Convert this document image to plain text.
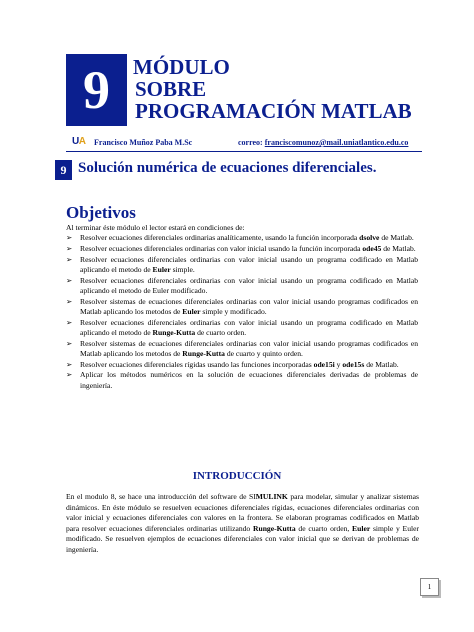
9 MÓDULO
SOBRE
PROGRAMACIÓN MATLAB
UA Francisco Muñoz Paba M.Sc	correo: franciscomunoz@mail.uniatlantico.edu.co
9 Solución numérica de ecuaciones diferenciales.
Objetivos
Al terminar éste módulo el lector estará en condiciones de:
➢ Resolver ecuaciones diferenciales ordinarias analíticamente, usando la función incorporada dsolve de Matlab.
➢ Resolver ecuaciones diferenciales ordinarias con valor inicial usando la función incorporada ode45 de Matlab.
➢ Resolver ecuaciones diferenciales ordinarias con valor inicial usando un programa codificado en Matlab aplicando el metodo de Euler simple.
➢ Resolver ecuaciones diferenciales ordinarias con valor inicial usando un programa codificado en Matlab aplicando el metodo de Euler modificado.
➢ Resolver sistemas de ecuaciones diferenciales ordinarias con valor inicial usando programas codificados en Matlab aplicando los metodos de Euler simple y modificado.
➢ Resolver ecuaciones diferenciales ordinarias con valor inicial usando un programa codificado en Matlab aplicando el metodo de Runge-Kutta de cuarto orden.
➢ Resolver sistemas de ecuaciones diferenciales ordinarias con valor inicial usando programas codificados en Matlab aplicando los metodos de Runge-Kutta de cuarto y quinto orden.
➢ Resolver ecuaciones diferenciales rígidas usando las funciones incorporadas ode15i y ode15s de Matlab.
➢ Aplicar los métodos numéricos en la solución de ecuaciones diferenciales derivadas de problemas de ingeniería.
INTRODUCCIÓN

En el modulo 8, se hace una introducción del software de SIMULINK para modelar, simular y analizar sistemas dinámicos. En éste módulo se resuelven ecuaciones diferenciales rígidas, ecuaciones diferenciales ordinarias con valor inicial y ecuaciones diferenciales con valores en la frontera. Se elaboran programas codificados en Matlab para resolver ecuaciones diferenciales ordinarias utilizando Runge-Kutta de cuarto orden, Euler simple y Euler modificado. Se resuelven ejemplos de ecuaciones diferenciales con valor inicial que se derivan de problemas de ingeniería.

1
